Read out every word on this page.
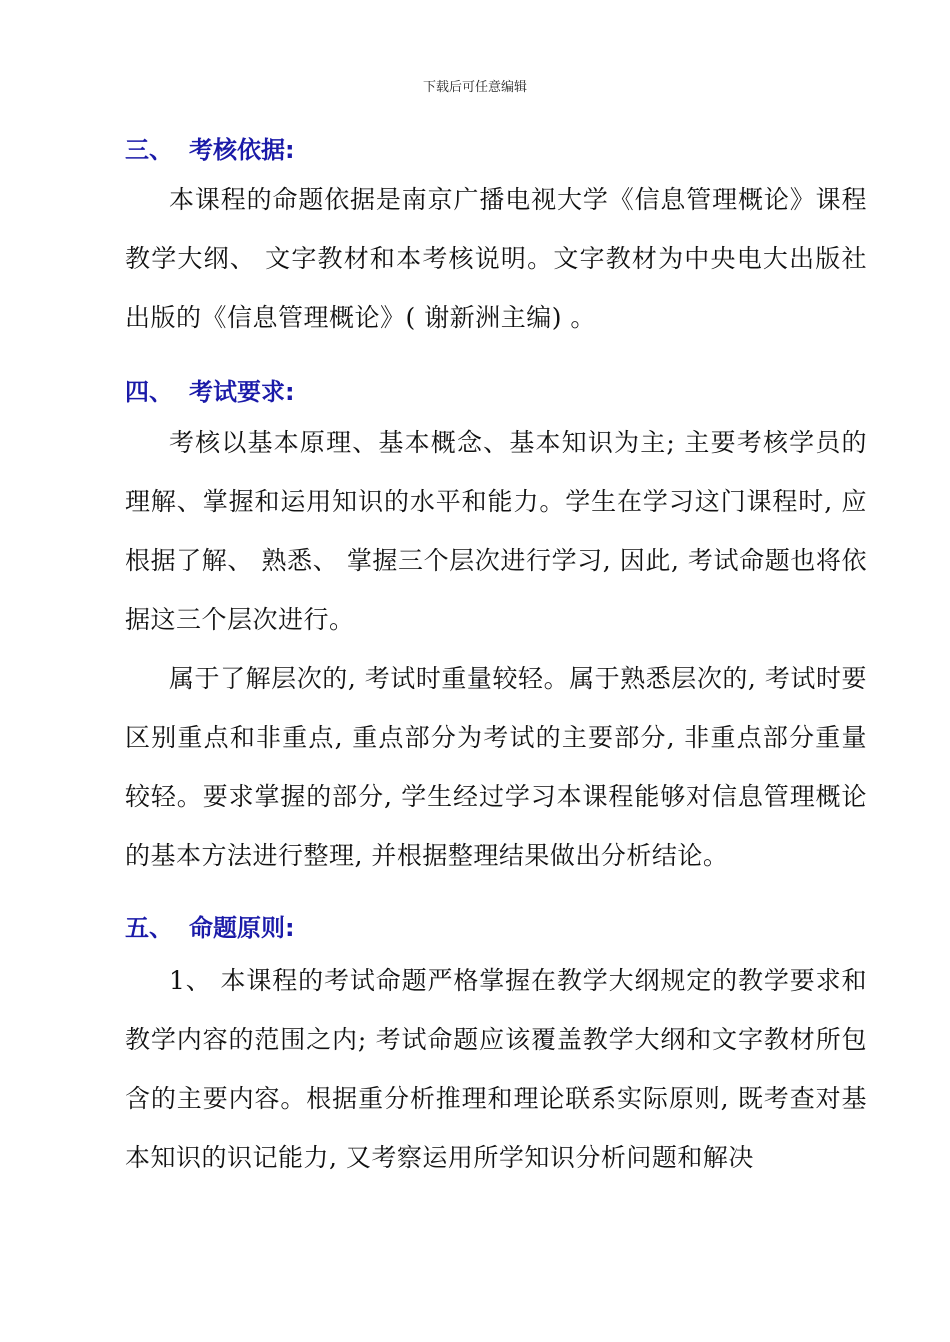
下载后可任意编辑
三、 考核依据:
本课程的命题依据是南京广播电视大学《信息管理概论》课程教学大纲、 文字教材和本考核说明。文字教材为中央电大出版社出版的《信息管理概论》( 谢新洲主编) 。
四、 考试要求:
考核以基本原理、基本概念、基本知识为主; 主要考核学员的理解、掌握和运用知识的水平和能力。学生在学习这门课程时, 应根据了解、 熟悉、 掌握三个层次进行学习, 因此, 考试命题也将依据这三个层次进行。
属于了解层次的, 考试时重量较轻。属于熟悉层次的, 考试时要区别重点和非重点, 重点部分为考试的主要部分, 非重点部分重量较轻。要求掌握的部分, 学生经过学习本课程能够对信息管理概论的基本方法进行整理, 并根据整理结果做出分析结论。
五、 命题原则:
1、 本课程的考试命题严格掌握在教学大纲规定的教学要求和教学内容的范围之内; 考试命题应该覆盖教学大纲和文字教材所包含的主要内容。根据重分析推理和理论联系实际原则, 既考查对基本知识的识记能力, 又考察运用所学知识分析问题和解决
